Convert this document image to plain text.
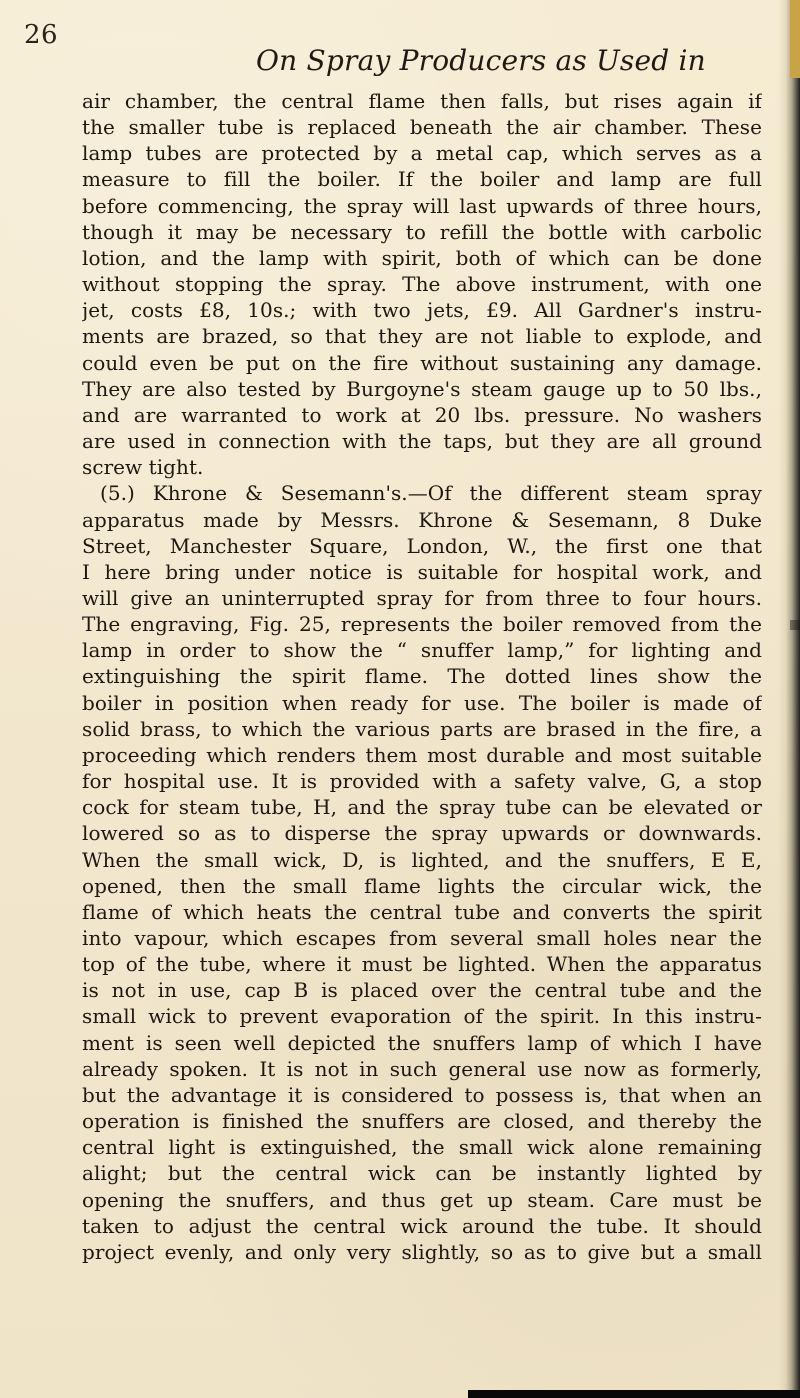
26
On Spray Producers as Used in
air chamber, the central flame then falls, but rises again if
the smaller tube is replaced beneath the air chamber. These
lamp tubes are protected by a metal cap, which serves as a
measure to fill the boiler. If the boiler and lamp are full
before commencing, the spray will last upwards of three hours,
though it may be necessary to refill the bottle with carbolic
lotion, and the lamp with spirit, both of which can be done
without stopping the spray. The above instrument, with one
jet, costs £8, 10s.; with two jets, £9. All Gardner's instru-
ments are brazed, so that they are not liable to explode, and
could even be put on the fire without sustaining any damage.
They are also tested by Burgoyne's steam gauge up to 50 lbs.,
and are warranted to work at 20 lbs. pressure. No washers
are used in connection with the taps, but they are all ground
screw tight.
(5.) Khrone & Sesemann's.—Of the different steam spray
apparatus made by Messrs. Khrone & Sesemann, 8 Duke
Street, Manchester Square, London, W., the first one that
I here bring under notice is suitable for hospital work, and
will give an uninterrupted spray for from three to four hours.
The engraving, Fig. 25, represents the boiler removed from the
lamp in order to show the “ snuffer lamp,” for lighting and
extinguishing the spirit flame. The dotted lines show the
boiler in position when ready for use. The boiler is made of
solid brass, to which the various parts are brased in the fire, a
proceeding which renders them most durable and most suitable
for hospital use. It is provided with a safety valve, G, a stop
cock for steam tube, H, and the spray tube can be elevated or
lowered so as to disperse the spray upwards or downwards.
When the small wick, D, is lighted, and the snuffers, E E,
opened, then the small flame lights the circular wick, the
flame of which heats the central tube and converts the spirit
into vapour, which escapes from several small holes near the
top of the tube, where it must be lighted. When the apparatus
is not in use, cap B is placed over the central tube and the
small wick to prevent evaporation of the spirit. In this instru-
ment is seen well depicted the snuffers lamp of which I have
already spoken. It is not in such general use now as formerly,
but the advantage it is considered to possess is, that when an
operation is finished the snuffers are closed, and thereby the
central light is extinguished, the small wick alone remaining
alight; but the central wick can be instantly lighted by
opening the snuffers, and thus get up steam. Care must be
taken to adjust the central wick around the tube. It should
project evenly, and only very slightly, so as to give but a small
